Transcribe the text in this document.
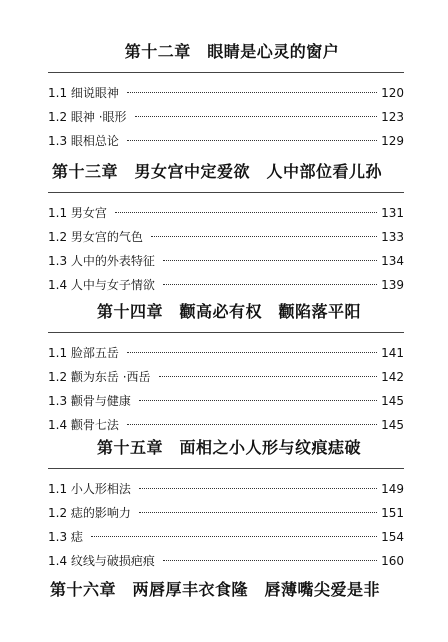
第十二章　眼睛是心灵的窗户
1.1 细说眼神	120
1.2 眼神 ·眼形	123
1.3 眼相总论	129
第十三章　男女宫中定爱欲　人中部位看儿孙
1.1 男女宫	131
1.2 男女宫的气色	133
1.3 人中的外表特征	134
1.4 人中与女子情欲	139
第十四章　颧高必有权　颧陷落平阳
1.1 脸部五岳	141
1.2 颧为东岳 ·西岳	142
1.3 颧骨与健康	145
1.4 颧骨七法	145
第十五章　面相之小人形与纹痕痣破
1.1 小人形相法	149
1.2 痣的影响力	151
1.3 痣	154
1.4 纹线与破损疤痕	160
第十六章　两唇厚丰衣食隆　唇薄嘴尖爱是非
